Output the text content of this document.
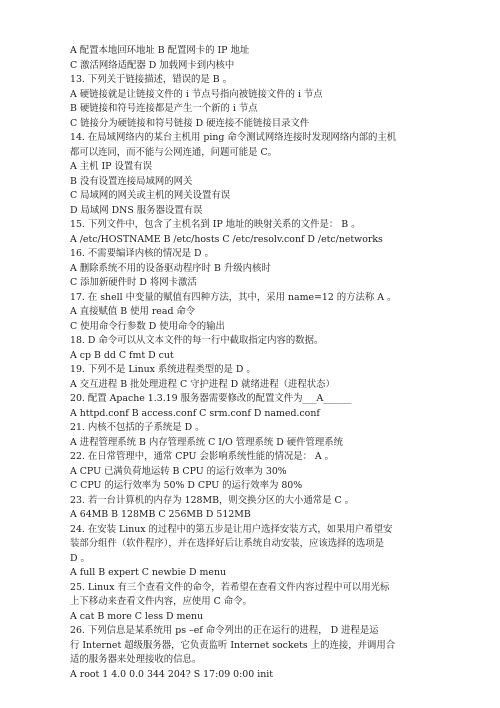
A 配置本地回环地址 B 配置网卡的 IP 地址
C 激活网络适配器 D 加载网卡到内核中
13. 下列关于链接描述，错误的是 B 。
A 硬链接就是让链接文件的 i 节点号指向被链接文件的 i 节点
B 硬链接和符号连接都是产生一个新的 i 节点
C 链接分为硬链接和符号链接 D 硬连接不能链接目录文件
14. 在局域网络内的某台主机用 ping 命令测试网络连接时发现网络内部的主机
都可以连同，而不能与公网连通，问题可能是 C。
A 主机 IP 设置有误
B 没有设置连接局域网的网关
C 局域网的网关或主机的网关设置有误
D 局域网 DNS 服务器设置有误
15. 下列文件中，包含了主机名到 IP 地址的映射关系的文件是： B 。
A /etc/HOSTNAME B /etc/hosts C /etc/resolv.conf D /etc/networks
16. 不需要编译内核的情况是 D 。
A 删除系统不用的设备驱动程序时 B 升级内核时
C 添加新硬件时 D 将网卡激活
17. 在 shell 中变量的赋值有四种方法，其中，采用 name=12 的方法称 A 。
A 直接赋值 B 使用 read 命令
C 使用命令行参数 D 使用命令的输出
18. D 命令可以从文本文件的每一行中截取指定内容的数据。
A cp B dd C fmt D cut
19. 下列不是 Linux 系统进程类型的是 D 。
A 交互进程 B 批处理进程 C 守护进程 D 就绪进程（进程状态）
20. 配置 Apache 1.3.19 服务器需要修改的配置文件为___A______
A httpd.conf B access.conf C srm.conf D named.conf
21. 内核不包括的子系统是 D 。
A 进程管理系统 B 内存管理系统 C I/O 管理系统 D 硬件管理系统
22. 在日常管理中，通常 CPU 会影响系统性能的情况是： A 。
A CPU 已满负荷地运转 B CPU 的运行效率为 30%
C CPU 的运行效率为 50% D CPU 的运行效率为 80%
23. 若一台计算机的内存为 128MB，则交换分区的大小通常是 C 。
A 64MB B 128MB C 256MB D 512MB
24. 在安装 Linux 的过程中的第五步是让用户选择安装方式，如果用户希望安
装部分组件（软件程序），并在选择好后让系统自动安装，应该选择的选项是
D 。
A full B expert C newbie D menu
25. Linux 有三个查看文件的命令，若希望在查看文件内容过程中可以用光标
上下移动来查看文件内容，应使用 C 命令。
A cat B more C less D menu
26. 下列信息是某系统用 ps –ef 命令列出的正在运行的进程， D 进程是运
行 Internet 超级服务器，它负责监听 Internet sockets 上的连接，并调用合
适的服务器来处理接收的信息。
A root 1 4.0 0.0 344 204? S 17:09 0:00 init
